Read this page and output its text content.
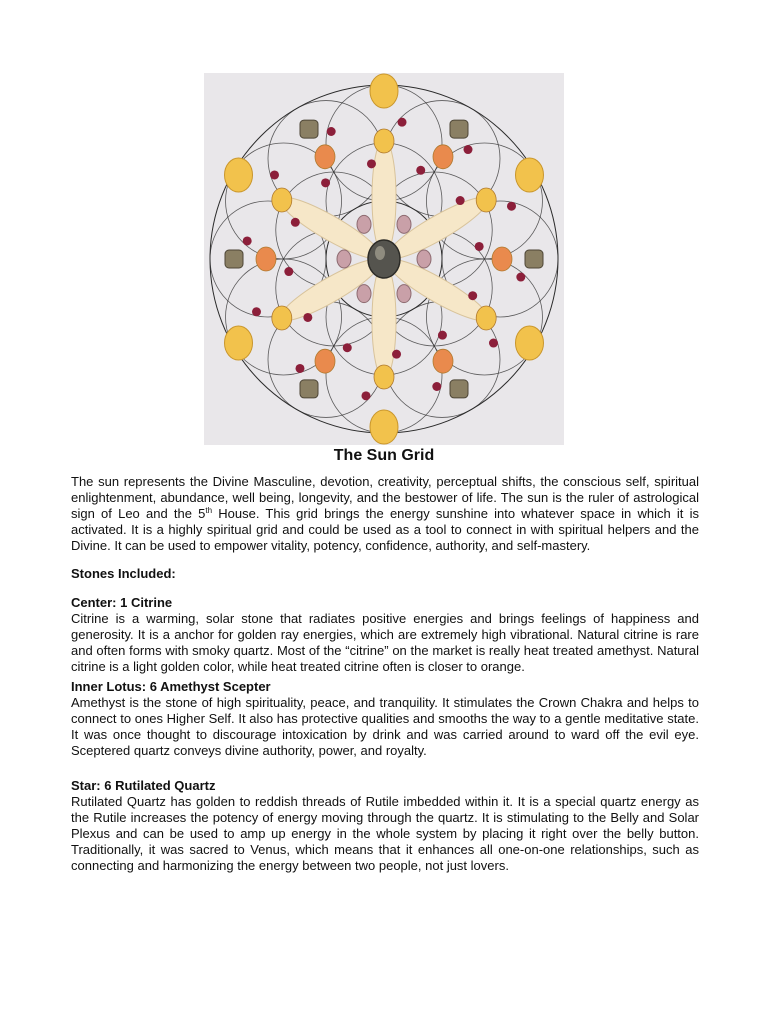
The Sun Grid

The sun represents the Divine Masculine, devotion, creativity, perceptual shifts, the conscious self, spiritual enlightenment, abundance, well being, longevity, and the bestower of life. The sun is the ruler of astrological sign of Leo and the 5th House. This grid brings the energy sunshine into whatever space in which it is activated. It is a highly spiritual grid and could be used as a tool to connect in with spiritual helpers and the Divine. It can be used to empower vitality, potency, confidence, authority, and self-mastery.

Stones Included:

Center: 1 Citrine

Citrine is a warming, solar stone that radiates positive energies and brings feelings of happiness and generosity. It is a anchor for golden ray energies, which are extremely high vibrational. Natural citrine is rare and often forms with smoky quartz. Most of the “citrine” on the market is really heat treated amethyst. Natural citrine is a light golden color, while heat treated citrine often is closer to orange.

Inner Lotus: 6 Amethyst Scepter

Amethyst is the stone of high spirituality, peace, and tranquility. It stimulates the Crown Chakra and helps to connect to ones Higher Self. It also has protective qualities and smooths the way to a gentle meditative state. It was once thought to discourage intoxication by drink and was carried around to ward off the evil eye. Sceptered quartz conveys divine authority, power, and royalty.

Star: 6 Rutilated Quartz

Rutilated Quartz has golden to reddish threads of Rutile imbedded within it. It is a special quartz energy as the Rutile increases the potency of energy moving through the quartz. It is stimulating to the Belly and Solar Plexus and can be used to amp up energy in the whole system by placing it right over the belly button. Traditionally, it was sacred to Venus, which means that it enhances all one-on-one relationships, such as connecting and harmonizing the energy between two people, not just lovers.
